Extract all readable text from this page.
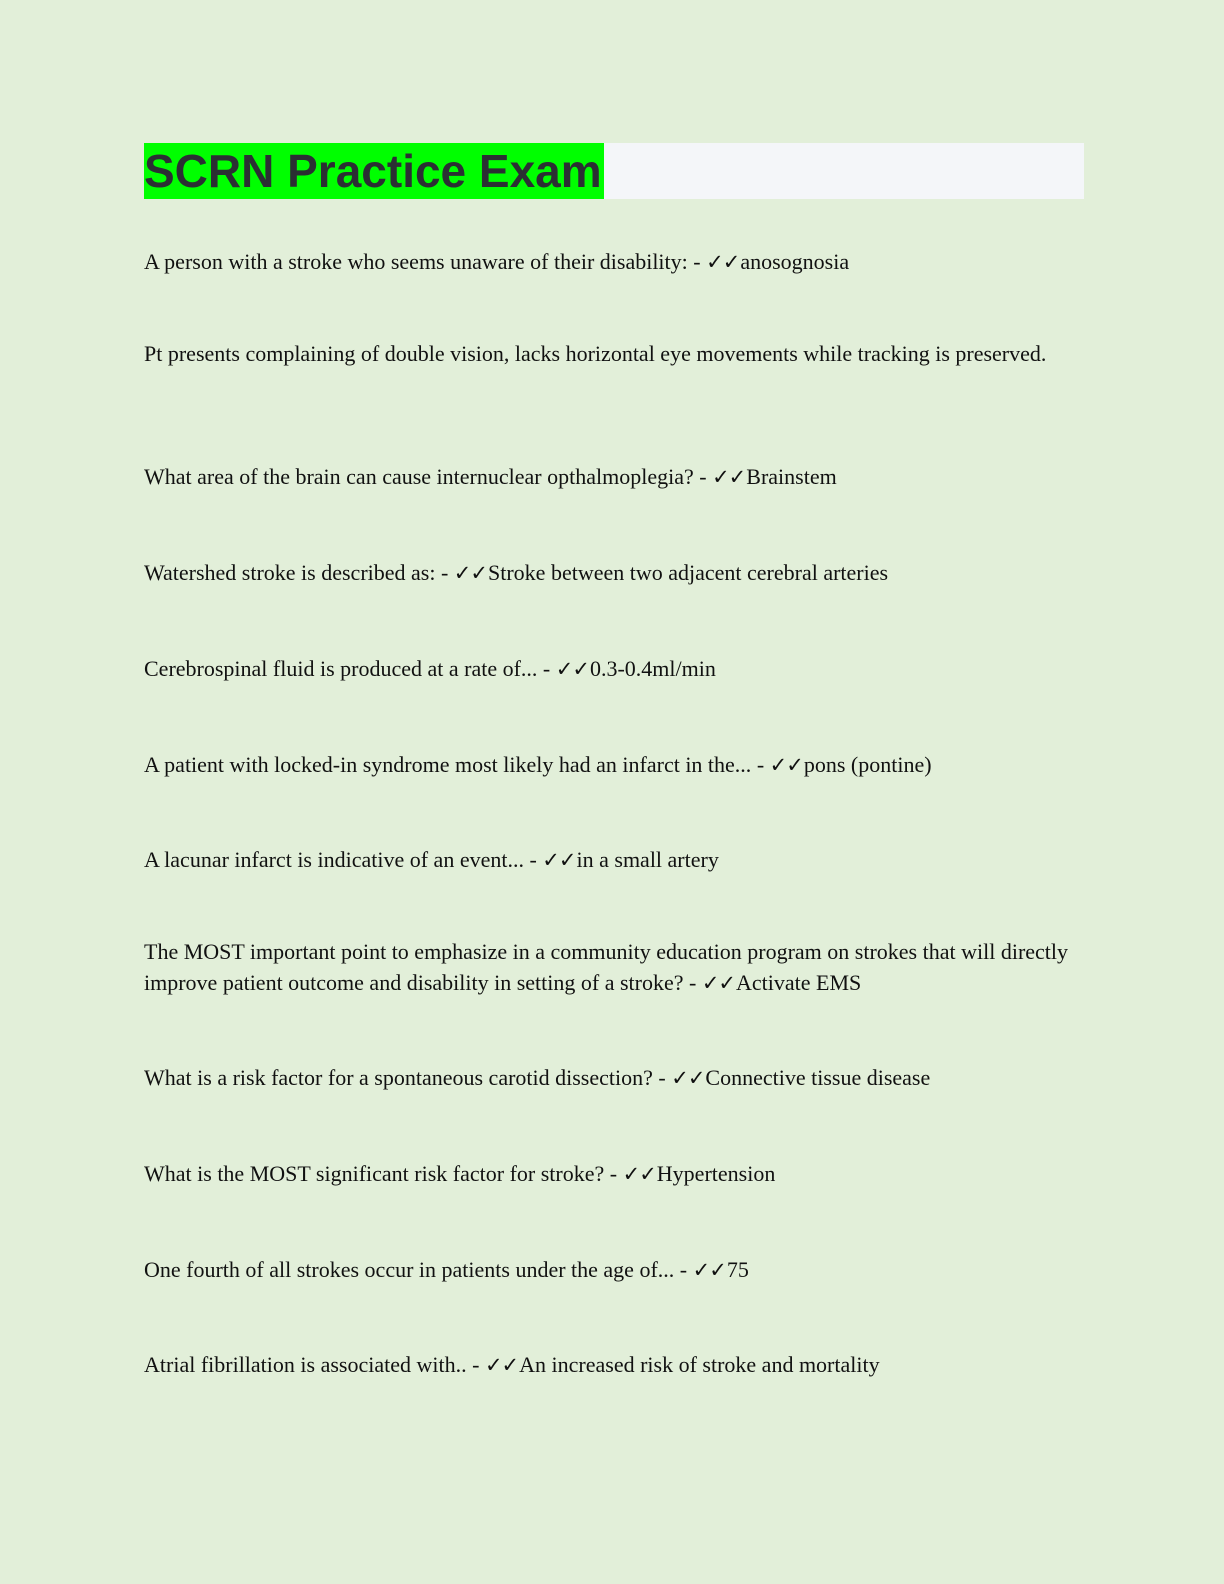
SCRN Practice Exam

A person with a stroke who seems unaware of their disability: - ✓✓anosognosia

Pt presents complaining of double vision, lacks horizontal eye movements while tracking is preserved.

What area of the brain can cause internuclear opthalmoplegia? - ✓✓Brainstem

Watershed stroke is described as: - ✓✓Stroke between two adjacent cerebral arteries

Cerebrospinal fluid is produced at a rate of... - ✓✓0.3-0.4ml/min

A patient with locked-in syndrome most likely had an infarct in the... - ✓✓pons (pontine)

A lacunar infarct is indicative of an event... - ✓✓in a small artery

The MOST important point to emphasize in a community education program on strokes that will directly improve patient outcome and disability in setting of a stroke? - ✓✓Activate EMS

What is a risk factor for a spontaneous carotid dissection? - ✓✓Connective tissue disease

What is the MOST significant risk factor for stroke? - ✓✓Hypertension

One fourth of all strokes occur in patients under the age of... - ✓✓75

Atrial fibrillation is associated with.. - ✓✓An increased risk of stroke and mortality
